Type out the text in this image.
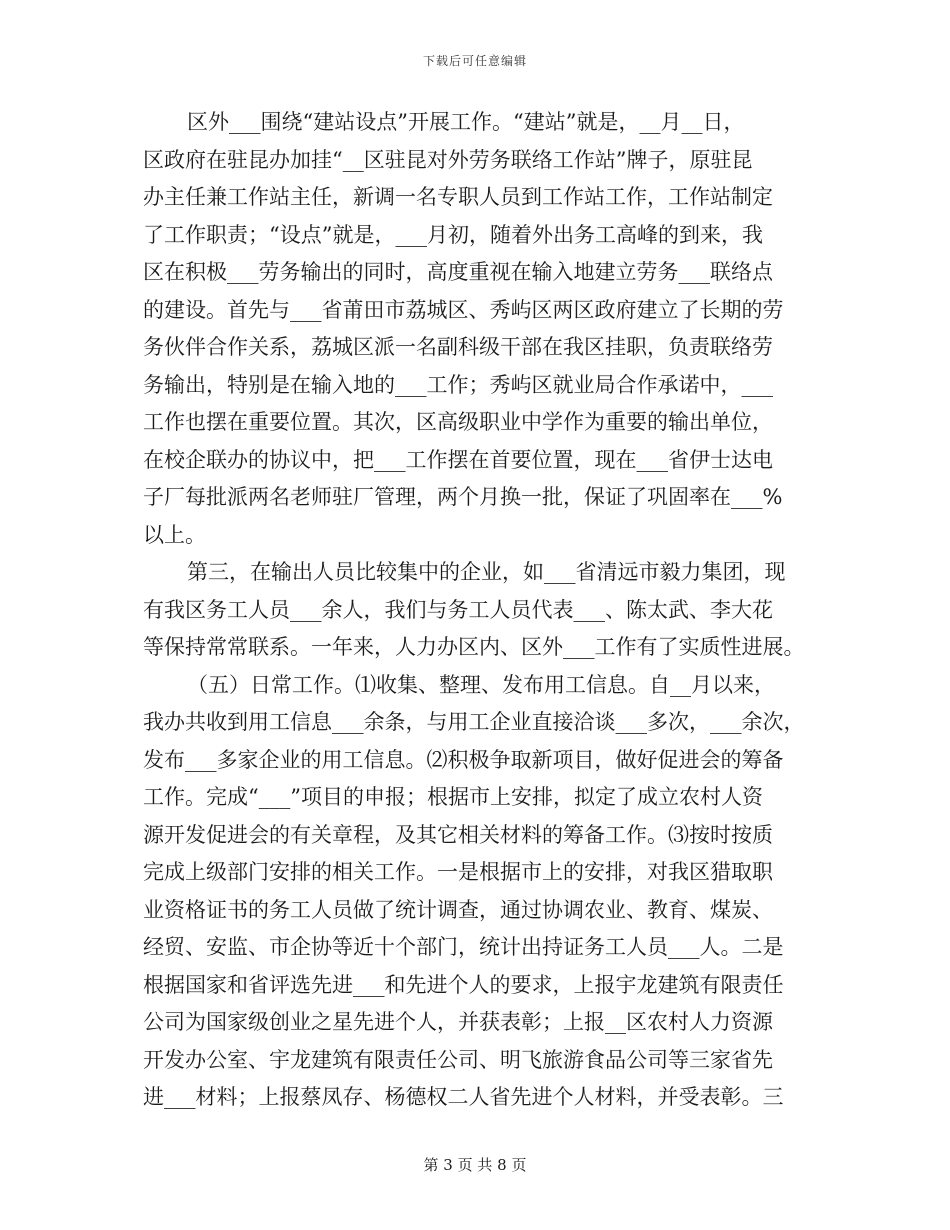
下载后可任意编辑
区外___围绕“建站设点”开展工作。“建站”就是，__月__日，
区政府在驻昆办加挂“__区驻昆对外劳务联络工作站”牌子，原驻昆
办主任兼工作站主任，新调一名专职人员到工作站工作，工作站制定
了工作职责；“设点”就是，___月初，随着外出务工高峰的到来，我
区在积极___劳务输出的同时，高度重视在输入地建立劳务___联络点
的建设。首先与___省莆田市荔城区、秀屿区两区政府建立了长期的劳
务伙伴合作关系，荔城区派一名副科级干部在我区挂职，负责联络劳
务输出，特别是在输入地的___工作；秀屿区就业局合作承诺中，___
工作也摆在重要位置。其次，区高级职业中学作为重要的输出单位，
在校企联办的协议中，把___工作摆在首要位置，现在___省伊士达电
子厂每批派两名老师驻厂管理，两个月换一批，保证了巩固率在___%
以上。
第三，在输出人员比较集中的企业，如___省清远市毅力集团，现
有我区务工人员___余人，我们与务工人员代表___、陈太武、李大花
等保持常常联系。一年来，人力办区内、区外___工作有了实质性进展。
（五）日常工作。⑴收集、整理、发布用工信息。自__月以来，
我办共收到用工信息___余条，与用工企业直接洽谈___多次，___余次，
发布___多家企业的用工信息。⑵积极争取新项目，做好促进会的筹备
工作。完成“___”项目的申报；根据市上安排，拟定了成立农村人资
源开发促进会的有关章程，及其它相关材料的筹备工作。⑶按时按质
完成上级部门安排的相关工作。一是根据市上的安排，对我区猎取职
业资格证书的务工人员做了统计调查，通过协调农业、教育、煤炭、
经贸、安监、市企协等近十个部门，统计出持证务工人员___人。二是
根据国家和省评选先进___和先进个人的要求，上报宇龙建筑有限责任
公司为国家级创业之星先进个人，并获表彰；上报__区农村人力资源
开发办公室、宇龙建筑有限责任公司、明飞旅游食品公司等三家省先
进___材料；上报蔡凤存、杨德权二人省先进个人材料，并受表彰。三
第 3 页 共 8 页
